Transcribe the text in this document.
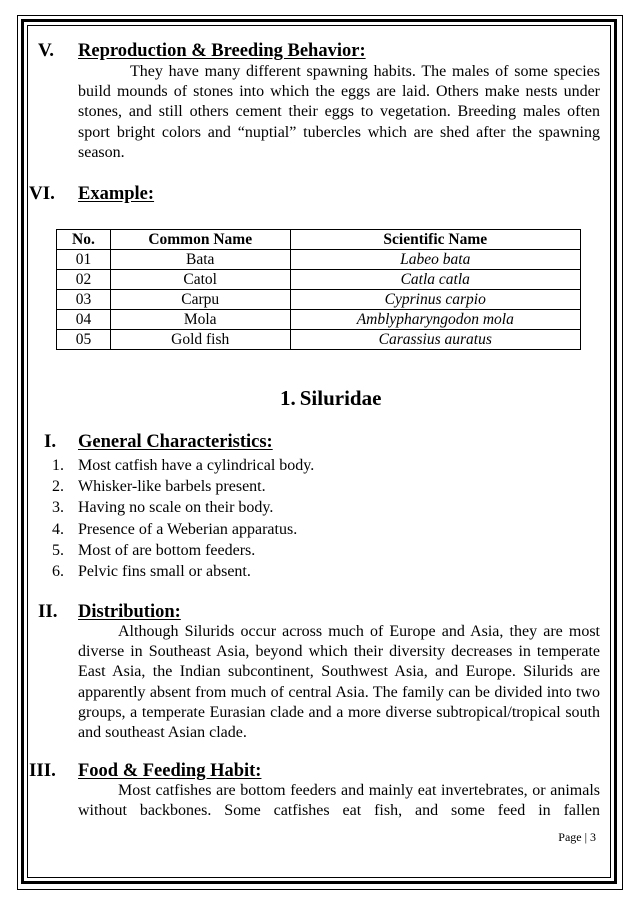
V. Reproduction & Breeding Behavior:

They have many different spawning habits. The males of some species build mounds of stones into which the eggs are laid. Others make nests under stones, and still others cement their eggs to vegetation. Breeding males often sport bright colors and “nuptial” tubercles which are shed after the spawning season.

VI. Example:
No.	Common Name	Scientific Name
01	Bata	Labeo bata
02	Catol	Catla catla
03	Carpu	Cyprinus carpio
04	Mola	Amblypharyngodon mola
05	Gold fish	Carassius auratus
1. Siluridae
I. General Characteristics:
1. Most catfish have a cylindrical body.
2. Whisker-like barbels present.
3. Having no scale on their body.
4. Presence of a Weberian apparatus.
5. Most of are bottom feeders.
6. Pelvic fins small or absent.
II. Distribution:

Although Silurids occur across much of Europe and Asia, they are most diverse in Southeast Asia, beyond which their diversity decreases in temperate East Asia, the Indian subcontinent, Southwest Asia, and Europe. Silurids are apparently absent from much of central Asia. The family can be divided into two groups, a temperate Eurasian clade and a more diverse subtropical/tropical south and southeast Asian clade.

III. Food & Feeding Habit:

Most catfishes are bottom feeders and mainly eat invertebrates, or animals without backbones. Some catfishes eat fish, and some feed in fallen

Page | 3
